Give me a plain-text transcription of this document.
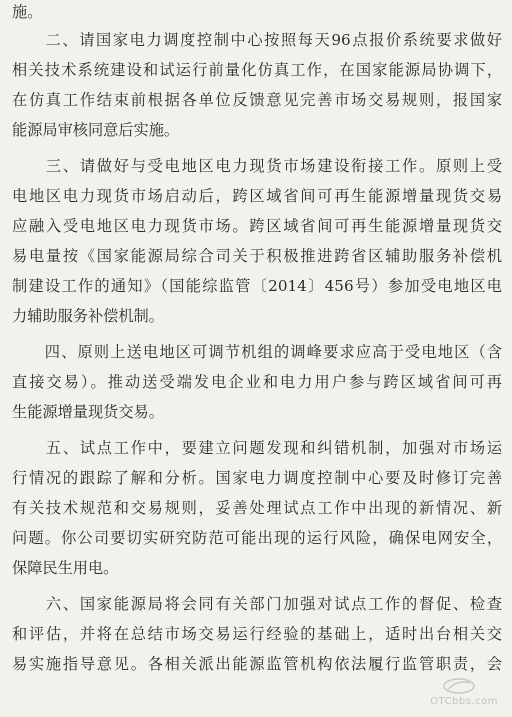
施。
　　二、请国家电力调度控制中心按照每天96点报价系统要求做好
相关技术系统建设和试运行前量化仿真工作，在国家能源局协调下，
在仿真工作结束前根据各单位反馈意见完善市场交易规则，报国家
能源局审核同意后实施。
　　三、请做好与受电地区电力现货市场建设衔接工作。原则上受
电地区电力现货市场启动后，跨区域省间可再生能源增量现货交易
应融入受电地区电力现货市场。跨区域省间可再生能源增量现货交
易电量按《国家能源局综合司关于积极推进跨省区辅助服务补偿机
制建设工作的通知》（国能综监管〔2014〕456号）参加受电地区电
力辅助服务补偿机制。
　　四、原则上送电地区可调节机组的调峰要求应高于受电地区（含
直接交易）。推动送受端发电企业和电力用户参与跨区域省间可再
生能源增量现货交易。
　　五、试点工作中，要建立问题发现和纠错机制，加强对市场运
行情况的跟踪了解和分析。国家电力调度控制中心要及时修订完善
有关技术规范和交易规则，妥善处理试点工作中出现的新情况、新
问题。你公司要切实研究防范可能出现的运行风险，确保电网安全，
保障民生用电。
　　六、国家能源局将会同有关部门加强对试点工作的督促、检查
和评估，并将在总结市场交易运行经验的基础上，适时出台相关交
易实施指导意见。各相关派出能源监管机构依法履行监管职责，会
OTCbbs.com
